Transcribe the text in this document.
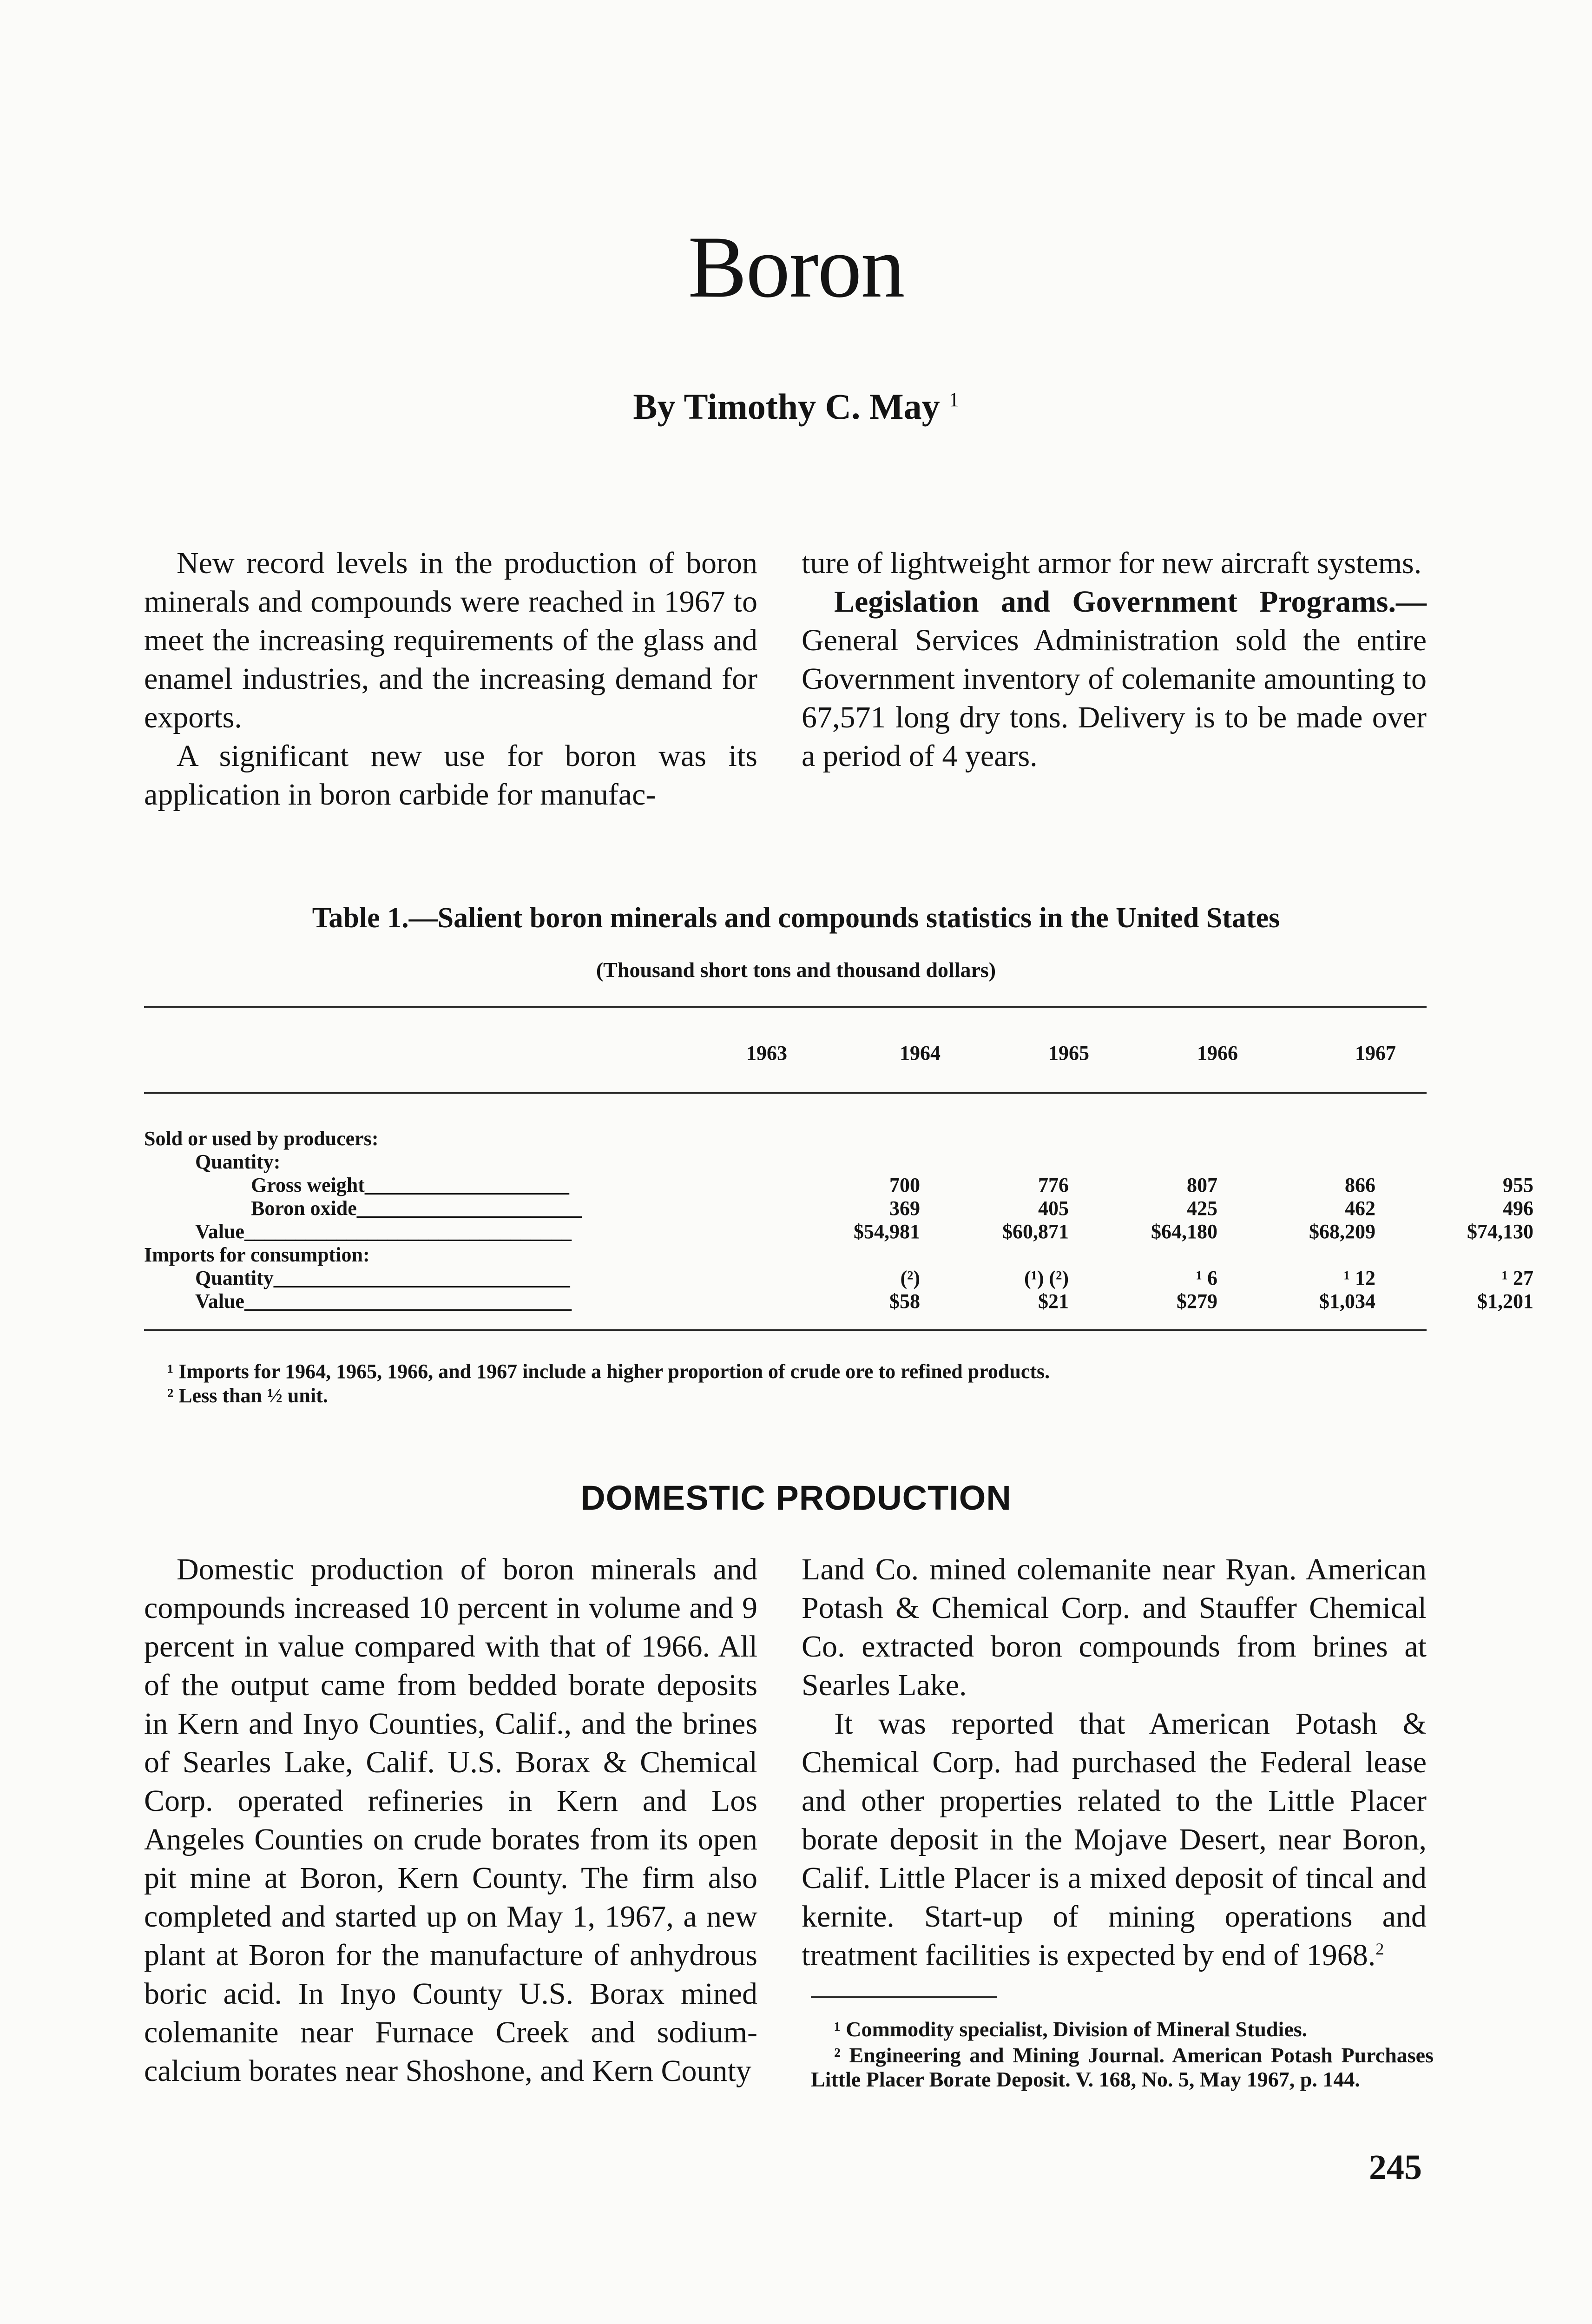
Boron
By Timothy C. May $^1$

New record levels in the production of boron minerals and compounds were reached in 1967 to meet the increasing requirements of the glass and enamel industries, and the increasing demand for exports.

A significant new use for boron was its application in boron carbide for manufac-

ture of lightweight armor for new aircraft systems.

Legislation and Government Programs.— General Services Administration sold the entire Government inventory of colemanite amounting to 67,571 long dry tons. Delivery is to be made over a period of 4 years.

Table 1.—Salient boron minerals and compounds statistics in the United States
(Thousand short tons and thousand dollars)
1963	1964	1965	1966	1967
Sold or used by producers:					
Quantity:					
Gross weight____________________	700	776	807	866	955
Boron oxide______________________	369	405	425	462	496
Value________________________________	$54,981	$60,871	$64,180	$68,209	$74,130
Imports for consumption:					
Quantity_____________________________	(²)	(¹) (²)	¹ 6	¹ 12	¹ 27
Value________________________________	$58	$21	$279	$1,034	$1,201
¹ Imports for 1964, 1965, 1966, and 1967 include a higher proportion of crude ore to refined products.
² Less than ½ unit.
DOMESTIC PRODUCTION

Domestic production of boron minerals and compounds increased 10 percent in volume and 9 percent in value compared with that of 1966. All of the output came from bedded borate deposits in Kern and Inyo Counties, Calif., and the brines of Searles Lake, Calif. U.S. Borax & Chemical Corp. operated refineries in Kern and Los Angeles Counties on crude borates from its open pit mine at Boron, Kern County. The firm also completed and started up on May 1, 1967, a new plant at Boron for the manufacture of anhydrous boric acid. In Inyo County U.S. Borax mined colemanite near Furnace Creek and sodium-calcium borates near Shoshone, and Kern County

Land Co. mined colemanite near Ryan. American Potash & Chemical Corp. and Stauffer Chemical Co. extracted boron compounds from brines at Searles Lake.

It was reported that American Potash & Chemical Corp. had purchased the Federal lease and other properties related to the Little Placer borate deposit in the Mojave Desert, near Boron, Calif. Little Placer is a mixed deposit of tincal and kernite. Start-up of mining operations and treatment facilities is expected by end of 1968.$^2$

¹ Commodity specialist, Division of Mineral Studies.

² Engineering and Mining Journal. American Potash Purchases Little Placer Borate Deposit. V. 168, No. 5, May 1967, p. 144.

245
